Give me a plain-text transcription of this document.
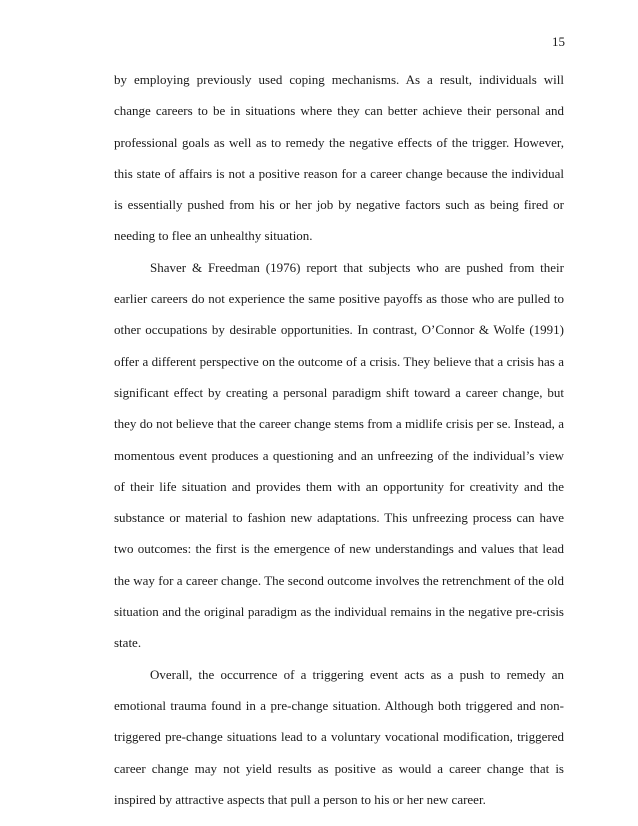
15

by employing previously used coping mechanisms. As a result, individuals will change careers to be in situations where they can better achieve their personal and professional goals as well as to remedy the negative effects of the trigger. However, this state of affairs is not a positive reason for a career change because the individual is essentially pushed from his or her job by negative factors such as being fired or needing to flee an unhealthy situation.

Shaver & Freedman (1976) report that subjects who are pushed from their earlier careers do not experience the same positive payoffs as those who are pulled to other occupations by desirable opportunities. In contrast, O’Connor & Wolfe (1991) offer a different perspective on the outcome of a crisis. They believe that a crisis has a significant effect by creating a personal paradigm shift toward a career change, but they do not believe that the career change stems from a midlife crisis per se. Instead, a momentous event produces a questioning and an unfreezing of the individual’s view of their life situation and provides them with an opportunity for creativity and the substance or material to fashion new adaptations. This unfreezing process can have two outcomes: the first is the emergence of new understandings and values that lead the way for a career change. The second outcome involves the retrenchment of the old situation and the original paradigm as the individual remains in the negative pre-crisis state.

Overall, the occurrence of a triggering event acts as a push to remedy an emotional trauma found in a pre-change situation. Although both triggered and non-triggered pre-change situations lead to a voluntary vocational modification, triggered career change may not yield results as positive as would a career change that is inspired by attractive aspects that pull a person to his or her new career.
